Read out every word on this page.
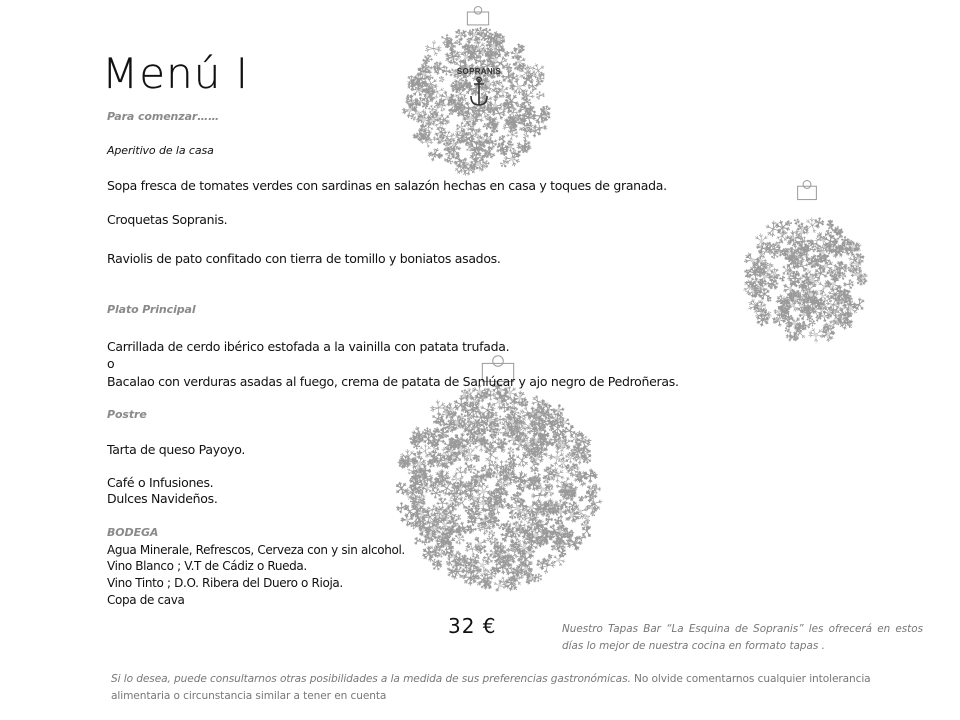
SOPRANIS
Menú I
Para comenzar……
Aperitivo de la casa
Sopa fresca de tomates verdes con sardinas en salazón hechas en casa y toques de granada.
Croquetas Sopranis.
Raviolis de pato confitado con tierra de tomillo y boniatos asados.
Plato Principal
Carrillada de cerdo ibérico estofada a la vainilla con patata trufada.
o
Bacalao con verduras asadas al fuego, crema de patata de Sanlúcar y ajo negro de Pedroñeras.
Postre
Tarta de queso Payoyo.
Café o Infusiones.
Dulces Navideños.
BODEGA
Agua Minerale, Refrescos, Cerveza con y sin alcohol.
Vino Blanco ; V.T de Cádiz o Rueda.
Vino Tinto ; D.O. Ribera del Duero o Rioja.
Copa de cava
32 €	Nuestro Tapas Bar “La Esquina de Sopranis” les ofrecerá en estos días lo mejor de nuestra cocina en formato tapas .

Si lo desea, puede consultarnos otras posibilidades a la medida de sus preferencias gastronómicas. No olvide comentarnos cualquier intolerancia alimentaria o circunstancia similar a tener en cuenta
